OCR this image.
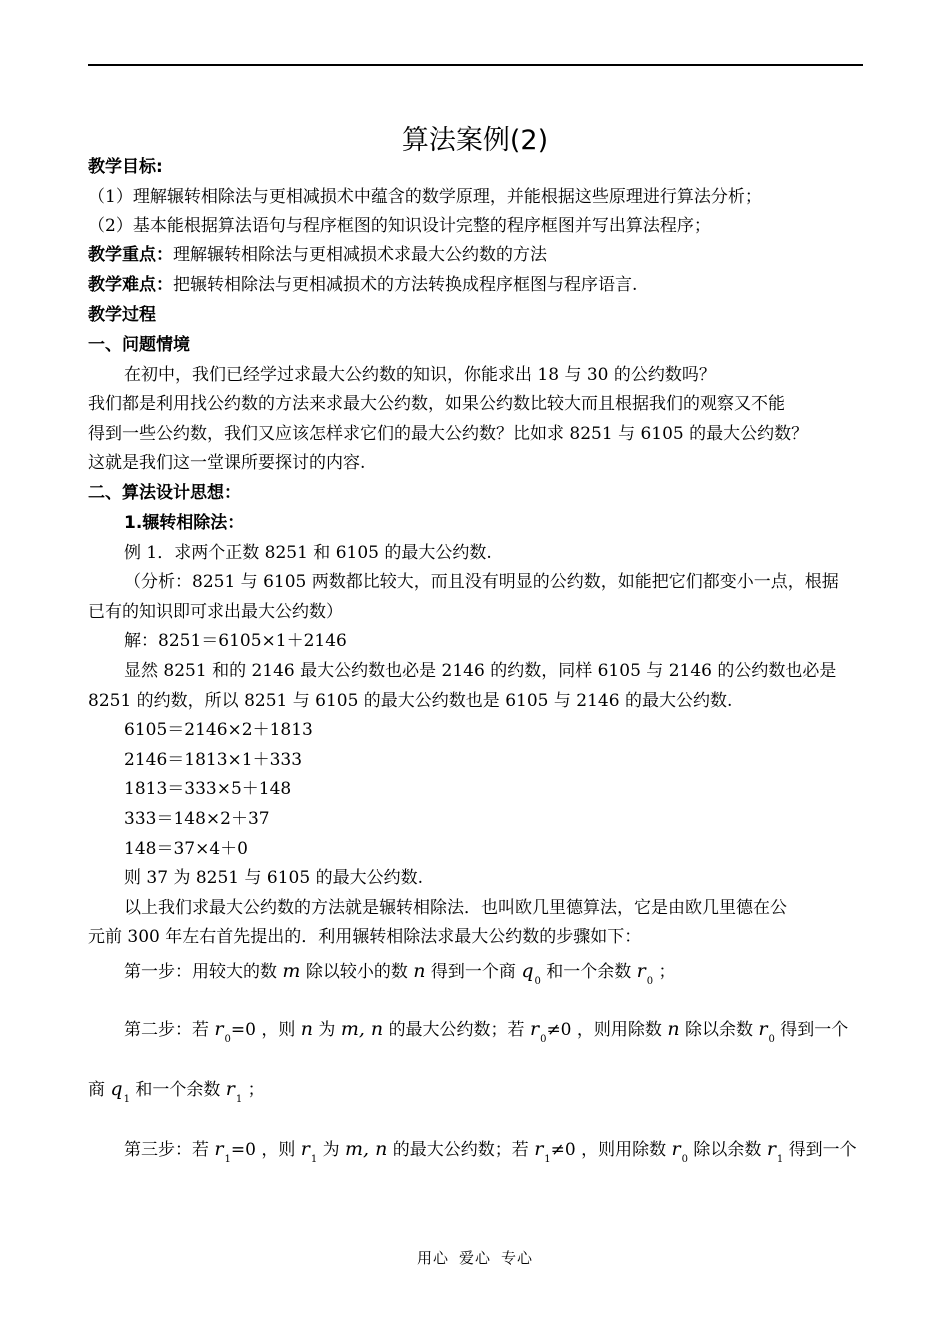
算法案例(2)
教学目标:
（1）理解辗转相除法与更相减损术中蕴含的数学原理，并能根据这些原理进行算法分析；
（2）基本能根据算法语句与程序框图的知识设计完整的程序框图并写出算法程序；
教学重点：理解辗转相除法与更相减损术求最大公约数的方法
教学难点：把辗转相除法与更相减损术的方法转换成程序框图与程序语言.
教学过程
一、问题情境
在初中，我们已经学过求最大公约数的知识，你能求出 18 与 30 的公约数吗？
我们都是利用找公约数的方法来求最大公约数，如果公约数比较大而且根据我们的观察又不能
得到一些公约数，我们又应该怎样求它们的最大公约数？比如求 8251 与 6105 的最大公约数？
这就是我们这一堂课所要探讨的内容.
二、算法设计思想：
1.辗转相除法：
例 1．求两个正数 8251 和 6105 的最大公约数.
（分析：8251 与 6105 两数都比较大，而且没有明显的公约数，如能把它们都变小一点，根据
已有的知识即可求出最大公约数）
解：8251＝6105×1＋2146
显然 8251 和的 2146 最大公约数也必是 2146 的约数，同样 6105 与 2146 的公约数也必是
8251 的约数，所以 8251 与 6105 的最大公约数也是 6105 与 2146 的最大公约数.
6105＝2146×2＋1813
2146＝1813×1＋333
1813＝333×5＋148
333＝148×2＋37
148＝37×4＋0
则 37 为 8251 与 6105 的最大公约数.
以上我们求最大公约数的方法就是辗转相除法．也叫欧几里德算法，它是由欧几里德在公
元前 300 年左右首先提出的．利用辗转相除法求最大公约数的步骤如下：
第一步：用较大的数 m 除以较小的数 n 得到一个商 $q_0$ 和一个余数 $r_0$ ；
第二步：若 $r_0=0$ ，则 n 为 m, n 的最大公约数；若 $r_0\ne 0$ ，则用除数 n 除以余数 $r_0$ 得到一个
商 $q_1$ 和一个余数 $r_1$ ；
第三步：若 $r_1=0$ ，则 $r_1$ 为 m, n 的最大公约数；若 $r_1\ne 0$ ，则用除数 $r_0$ 除以余数 $r_1$ 得到一个
用心 爱心 专心
